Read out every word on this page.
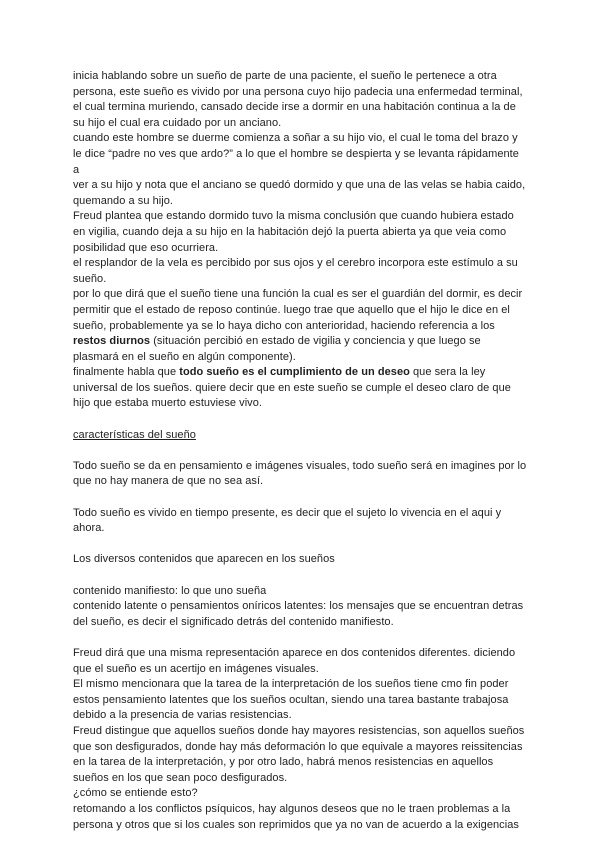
inicia hablando sobre un sueño de parte de una paciente, el sueño le pertenece a otra
persona, este sueño es vivido por una persona cuyo hijo padecia una enfermedad terminal,
el cual termina muriendo, cansado decide irse a dormir en una habitación continua a la de
su hijo el cual era cuidado por un anciano.

cuando este hombre se duerme comienza a soñar a su hijo vio, el cual le toma del brazo y
le dice “padre no ves que ardo?” a lo que el hombre se despierta y se levanta rápidamente a
ver a su hijo y nota que el anciano se quedó dormido y que una de las velas se habia caido,
quemando a su hijo.

Freud plantea que estando dormido tuvo la misma conclusión que cuando hubiera estado
en vigilia, cuando deja a su hijo en la habitación dejó la puerta abierta ya que veia como
posibilidad que eso ocurriera.

el resplandor de la vela es percibido por sus ojos y el cerebro incorpora este estímulo a su
sueño.

por lo que dirá que el sueño tiene una función la cual es ser el guardián del dormir, es decir
permitir que el estado de reposo continúe. luego trae que aquello que el hijo le dice en el
sueño, probablemente ya se lo haya dicho con anterioridad, haciendo referencia a los
restos diurnos (situación percibió en estado de vigilia y conciencia y que luego se
plasmará en el sueño en algún componente).

finalmente habla que todo sueño es el cumplimiento de un deseo que sera la ley
universal de los sueños. quiere decir que en este sueño se cumple el deseo claro de que
hijo que estaba muerto estuviese vivo.

características del sueño

Todo sueño se da en pensamiento e imágenes visuales, todo sueño será en imagines por lo
que no hay manera de que no sea así.

Todo sueño es vivido en tiempo presente, es decir que el sujeto lo vivencia en el aqui y
ahora.

Los diversos contenidos que aparecen en los sueños

contenido manifiesto: lo que uno sueña
contenido latente o pensamientos oníricos latentes: los mensajes que se encuentran detras
del sueño, es decir el significado detrás del contenido manifiesto.

Freud dirá que una misma representación aparece en dos contenidos diferentes. diciendo
que el sueño es un acertijo en imágenes visuales.
El mismo mencionara que la tarea de la interpretación de los sueños tiene cmo fin poder
estos pensamiento latentes que los sueños ocultan, siendo una tarea bastante trabajosa
debido a la presencia de varias resistencias.
Freud distingue que aquellos sueños donde hay mayores resistencias, son aquellos sueños
que son desfigurados, donde hay más deformación lo que equivale a mayores reissitencias
en la tarea de la interpretación, y por otro lado, habrá menos resistencias en aquellos
sueños en los que sean poco desfigurados.
¿cómo se entiende esto?
retomando a los conflictos psíquicos, hay algunos deseos que no le traen problemas a la
persona y otros que si los cuales son reprimidos que ya no van de acuerdo a la exigencias
